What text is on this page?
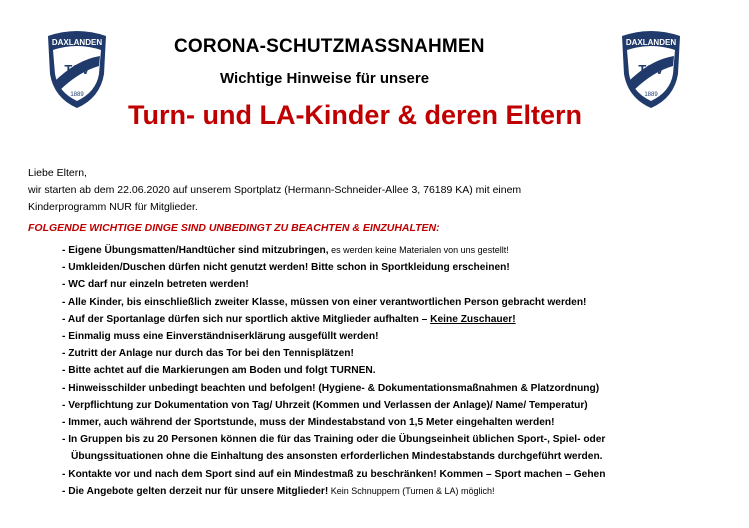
DAXLANDEN
TSV
1889
DAXLANDEN
TSV
1889
CORONA-SCHUTZMASSNAHMEN
Wichtige Hinweise für unsere
Turn- und LA-Kinder & deren Eltern
Liebe Eltern,
wir starten ab dem 22.06.2020 auf unserem Sportplatz (Hermann-Schneider-Allee 3, 76189 KA) mit einem
Kinderprogramm NUR für Mitglieder.
FOLGENDE WICHTIGE DINGE SIND UNBEDINGT ZU BEACHTEN & EINZUHALTEN:
- Eigene Übungsmatten/Handtücher sind mitzubringen, es werden keine Materialen von uns gestellt!
- Umkleiden/Duschen dürfen nicht genutzt werden! Bitte schon in Sportkleidung erscheinen!
- WC darf nur einzeln betreten werden!
- Alle Kinder, bis einschließlich zweiter Klasse, müssen von einer verantwortlichen Person gebracht werden!
- Auf der Sportanlage dürfen sich nur sportlich aktive Mitglieder aufhalten – Keine Zuschauer!
- Einmalig muss eine Einverständniserklärung ausgefüllt werden!
- Zutritt der Anlage nur durch das Tor bei den Tennisplätzen!
- Bitte achtet auf die Markierungen am Boden und folgt TURNEN.
- Hinweisschilder unbedingt beachten und befolgen! (Hygiene- & Dokumentationsmaßnahmen & Platzordnung)
- Verpflichtung zur Dokumentation von Tag/ Uhrzeit (Kommen und Verlassen der Anlage)/ Name/ Temperatur)
- Immer, auch während der Sportstunde, muss der Mindestabstand von 1,5 Meter eingehalten werden!
- In Gruppen bis zu 20 Personen können die für das Training oder die Übungseinheit üblichen Sport-, Spiel- oder
Übungssituationen ohne die Einhaltung des ansonsten erforderlichen Mindestabstands durchgeführt werden.
- Kontakte vor und nach dem Sport sind auf ein Mindestmaß zu beschränken! Kommen – Sport machen – Gehen
- Die Angebote gelten derzeit nur für unsere Mitglieder! Kein Schnuppern (Turnen & LA) möglich!
